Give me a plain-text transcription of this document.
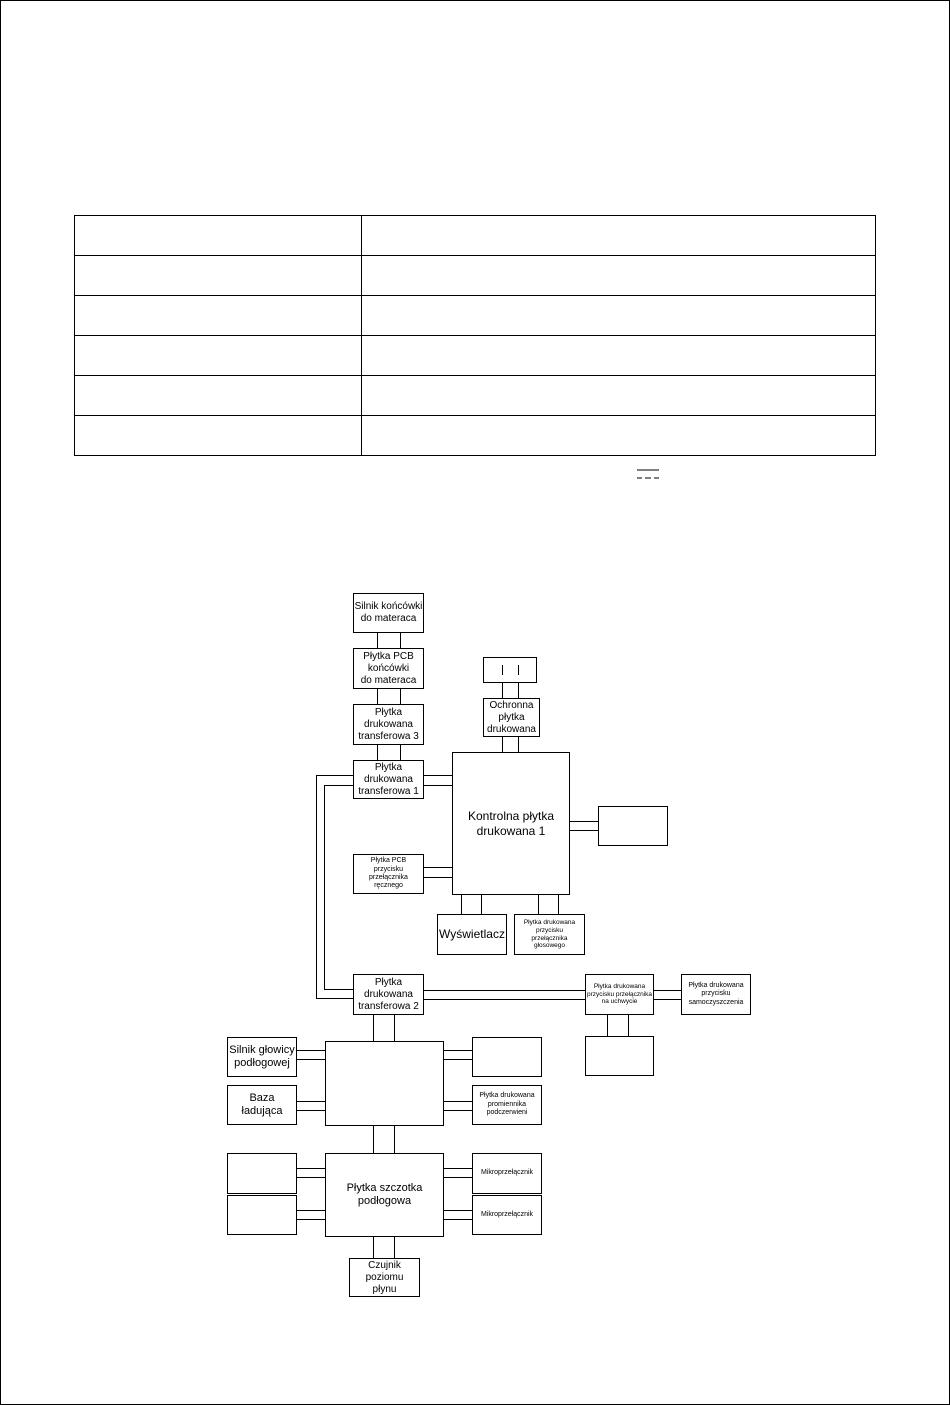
Silnik końcówki
do materaca
Płytka PCB
końcówki
do materaca
Płytka
drukowana
transferowa 3
Płytka
drukowana
transferowa 1
Ochronna
płytka
drukowana
Kontrolna płytka
drukowana 1
Płytka PCB
przycisku
przełącznika
ręcznego
Wyświetlacz
Płytka drukowana
przycisku
przełącznika
głosowego
Płytka
drukowana
transferowa 2
Płytka drukowana
przycisku przełącznika
na uchwycie
Płytka drukowana
przycisku
samoczyszczenia
Silnik głowicy
podłogowej
Baza
ładująca
Płytka drukowana
promiennika
podczerwieni
Płytka szczotka
podłogowa
Mikroprzełącznik
Mikroprzełącznik
Czujnik
poziomu
płynu
